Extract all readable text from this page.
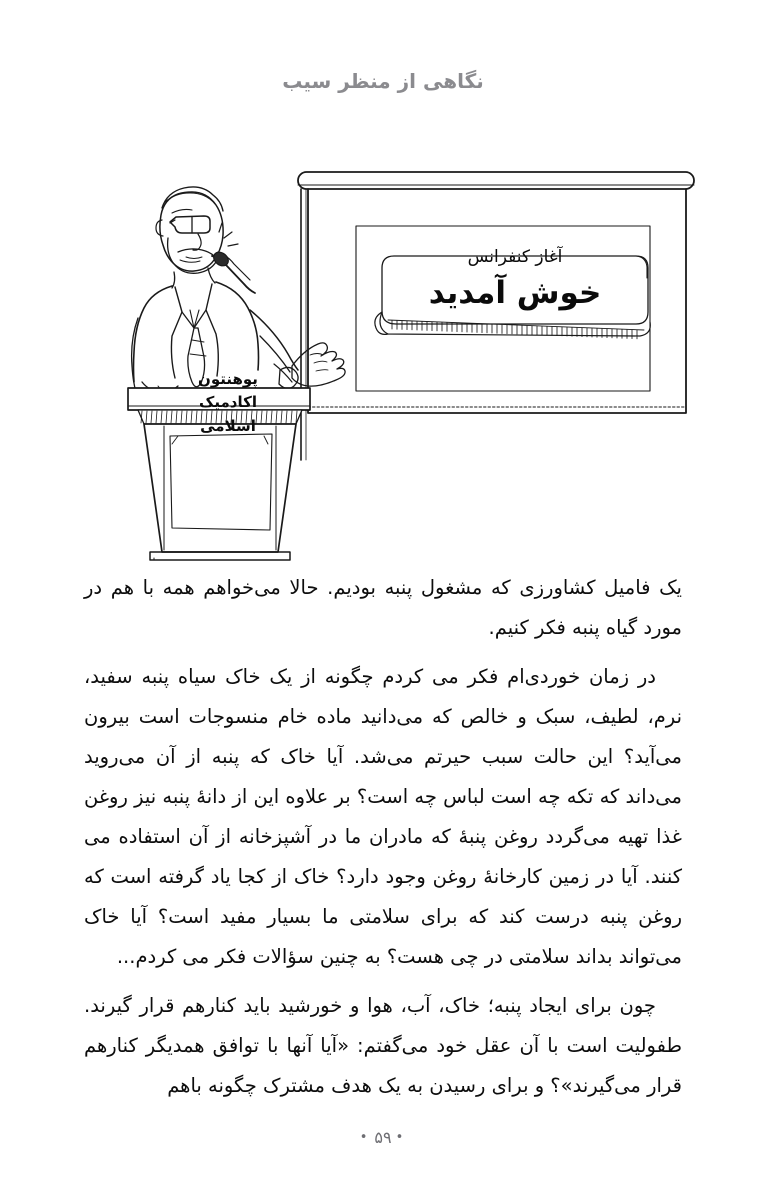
نگاهی از منظر سیب
آغاز کنفرانس
خوش آمدید
پوهنتون
اکادمیک
اسلامی

یک فامیل کشاورزی که مشغول پنبه بودیم. حالا می‌خواهم همه با هم در مورد گیاه پنبه فکر کنیم.

در زمان خوردی‌ام فکر می کردم چگونه از یک خاک سیاه پنبه سفید، نرم، لطیف، سبک و خالص که می‌دانید ماده خام منسوجات است بیرون می‌آید؟ این حالت سبب حیرتم می‌شد. آیا خاک که پنبه از آن می‌روید می‌داند که تکه چه است لباس چه است؟ بر علاوه این از دانۀ پنبه نیز روغن غذا تهیه می‌گردد روغن پنبۀ که مادران ما در آشپزخانه از آن استفاده می کنند. آیا در زمین کارخانۀ روغن وجود دارد؟ خاک از کجا یاد گرفته است که روغن پنبه درست کند که برای سلامتی ما بسیار مفید است؟ آیا خاک می‌تواند بداند سلامتی در چی هست؟ به چنین سؤالات فکر می کردم...

چون برای ایجاد پنبه؛ خاک، آب، هوا و خورشید باید کنارهم قرار گیرند. طفولیت است با آن عقل خود می‌گفتم: «آیا آنها با توافق همدیگر کنارهم قرار می‌گیرند»؟ و برای رسیدن به یک هدف مشترک چگونه باهم

•۵۹•
